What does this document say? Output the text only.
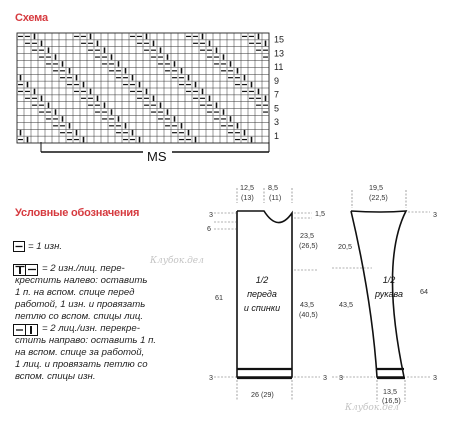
Схема
15
13
11
9
7
5
3
1
MS
Условные обозначения
= 1 изн.
= 2 изн./лиц. пере-
крестить налево: оставить
1 п. на вспом. спице перед
работой, 1 изн. и провязать
петлю со вспом. спицы лиц.
= 2 лиц./изн. перекре-
стить направо: оставить 1 п.
на вспом. спице за работой,
1 лиц. и провязать петлю со
вспом. спицы изн.
12,5
(13)
8,5
(11)
3
6
61
3
1,5
23,5
(26,5)
43,5
(40,5)
3
26 (29)
1/2
переда
и спинки
19,5
(22,5)
20,5
43,5
3
3
64
3
13,5
(16,5)
1/2
рукава
Клубок.дел
Клубок.дел
